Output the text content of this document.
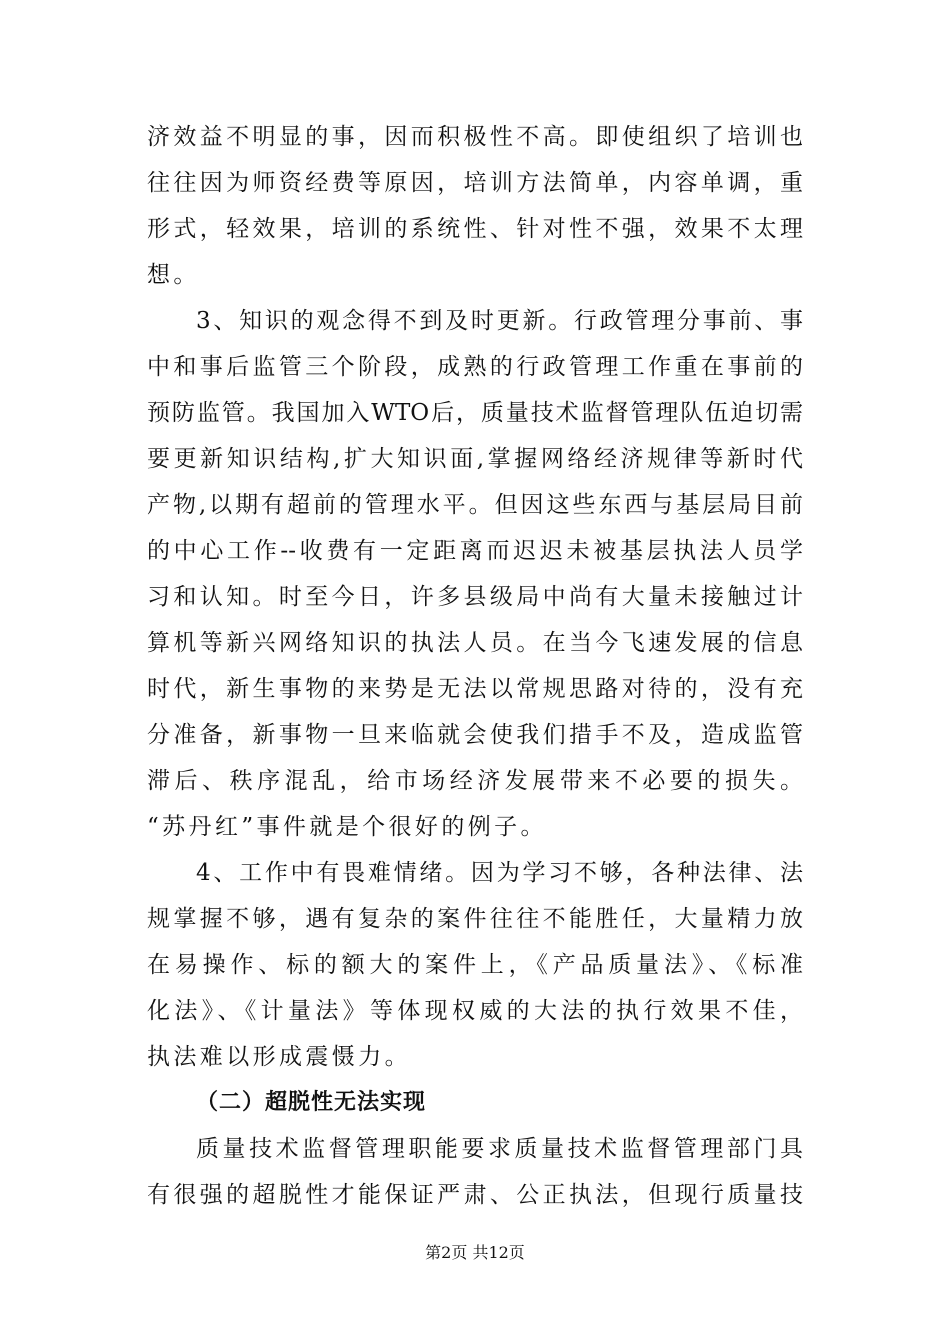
济效益不明显的事，因而积极性不高。即使组织了培训也
往往因为师资经费等原因，培训方法简单，内容单调，重
形式，轻效果，培训的系统性、针对性不强，效果不太理
想。
3、知识的观念得不到及时更新。行政管理分事前、事
中和事后监管三个阶段，成熟的行政管理工作重在事前的
预防监管。我国加入WTO后，质量技术监督管理队伍迫切需
要更新知识结构,扩大知识面,掌握网络经济规律等新时代
产物,以期有超前的管理水平。但因这些东西与基层局目前
的中心工作--收费有一定距离而迟迟未被基层执法人员学
习和认知。时至今日，许多县级局中尚有大量未接触过计
算机等新兴网络知识的执法人员。在当今飞速发展的信息
时代，新生事物的来势是无法以常规思路对待的，没有充
分准备，新事物一旦来临就会使我们措手不及，造成监管
滞后、秩序混乱，给市场经济发展带来不必要的损失。
“苏丹红”事件就是个很好的例子。
4、工作中有畏难情绪。因为学习不够，各种法律、法
规掌握不够，遇有复杂的案件往往不能胜任，大量精力放
在易操作、标的额大的案件上，《产品质量法》、《标准
化法》、《计量法》等体现权威的大法的执行效果不佳，
执法难以形成震慑力。
（二）超脱性无法实现
质量技术监督管理职能要求质量技术监督管理部门具
有很强的超脱性才能保证严肃、公正执法，但现行质量技
第2页 共12页
